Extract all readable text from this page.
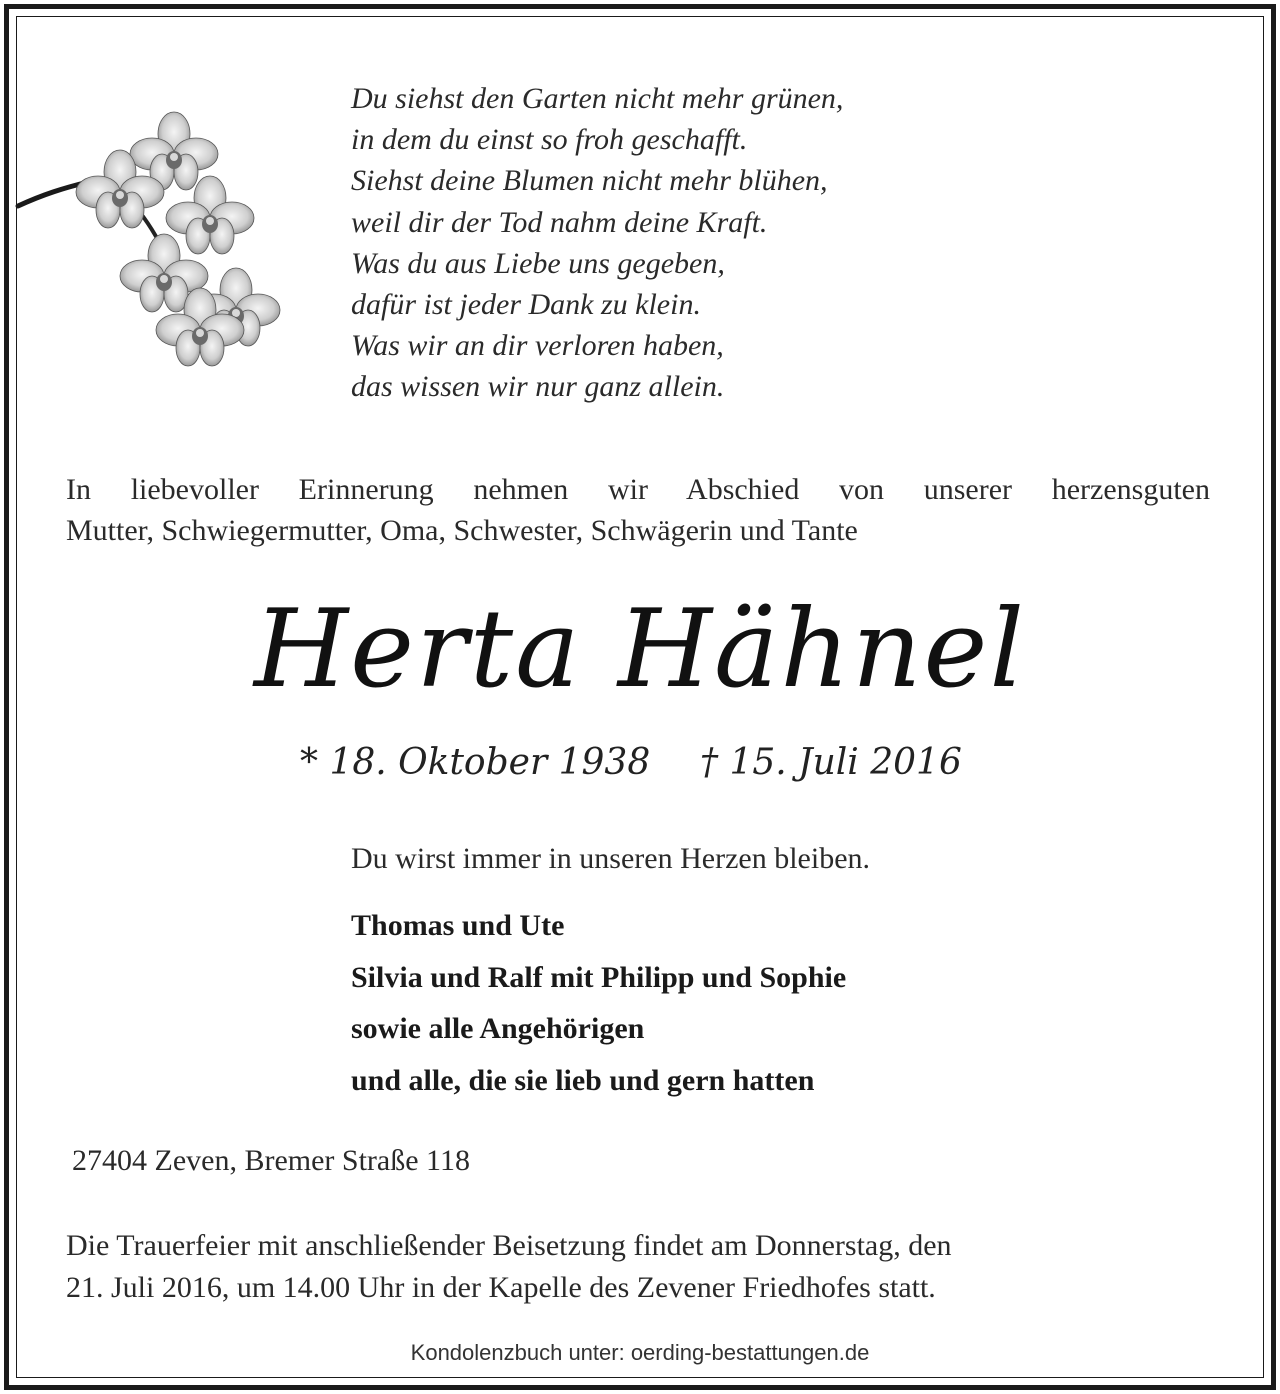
Du siehst den Garten nicht mehr grünen,
in dem du einst so froh geschafft.
Siehst deine Blumen nicht mehr blühen,
weil dir der Tod nahm deine Kraft.
Was du aus Liebe uns gegeben,
dafür ist jeder Dank zu klein.
Was wir an dir verloren haben,
das wissen wir nur ganz allein.
In liebevoller Erinnerung nehmen wir Abschied von unserer herzensguten
Mutter, Schwiegermutter, Oma, Schwester, Schwägerin und Tante
Herta Hähnel
* 18. Oktober 1938 † 15. Juli 2016
Du wirst immer in unseren Herzen bleiben.
Thomas und Ute
Silvia und Ralf mit Philipp und Sophie
sowie alle Angehörigen
und alle, die sie lieb und gern hatten
27404 Zeven, Bremer Straße 118
Die Trauerfeier mit anschließender Beisetzung findet am Donnerstag, den
21. Juli 2016, um 14.00 Uhr in der Kapelle des Zevener Friedhofes statt.
Kondolenzbuch unter: oerding-bestattungen.de
